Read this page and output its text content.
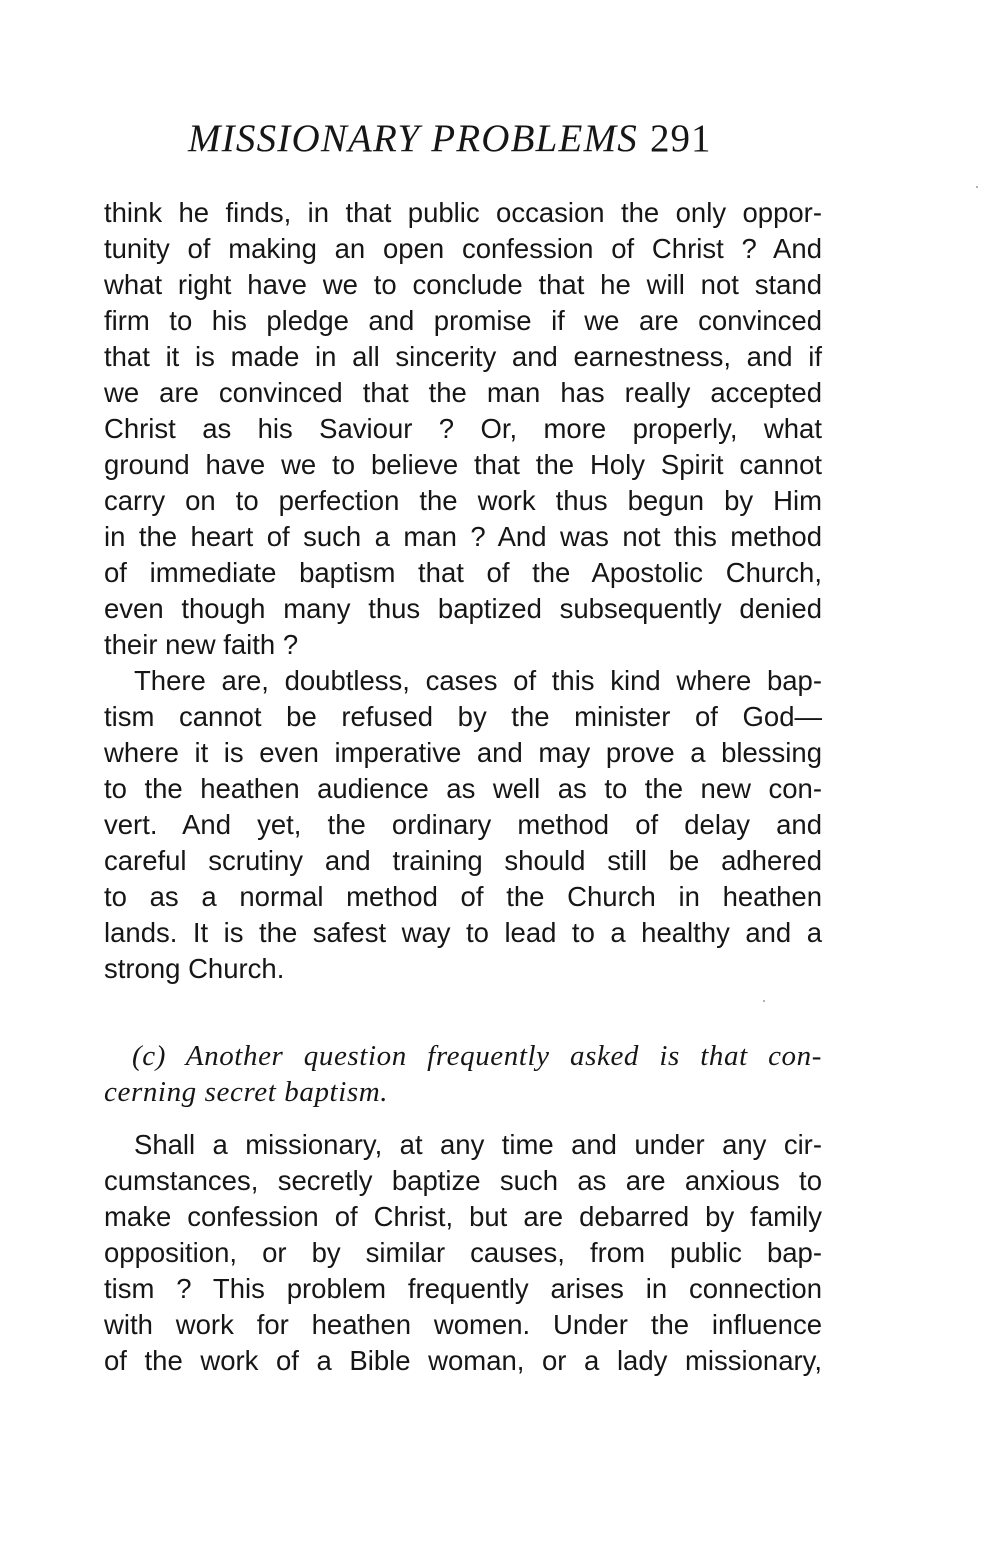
MISSIONARY PROBLEMS 291
think he finds, in that public occasion the only oppor-
tunity of making an open confession of Christ ? And
what right have we to conclude that he will not stand
firm to his pledge and promise if we are convinced
that it is made in all sincerity and earnestness, and if
we are convinced that the man has really accepted
Christ as his Saviour ? Or, more properly, what
ground have we to believe that the Holy Spirit cannot
carry on to perfection the work thus begun by Him
in the heart of such a man ? And was not this method
of immediate baptism that of the Apostolic Church,
even though many thus baptized subsequently denied
their new faith ?
There are, doubtless, cases of this kind where bap-
tism cannot be refused by the minister of God—
where it is even imperative and may prove a blessing
to the heathen audience as well as to the new con-
vert. And yet, the ordinary method of delay and
careful scrutiny and training should still be adhered
to as a normal method of the Church in heathen
lands. It is the safest way to lead to a healthy and a
strong Church.
(c) Another question frequently asked is that con-
cerning secret baptism.
Shall a missionary, at any time and under any cir-
cumstances, secretly baptize such as are anxious to
make confession of Christ, but are debarred by family
opposition, or by similar causes, from public bap-
tism ? This problem frequently arises in connection
with work for heathen women. Under the influence
of the work of a Bible woman, or a lady missionary,
